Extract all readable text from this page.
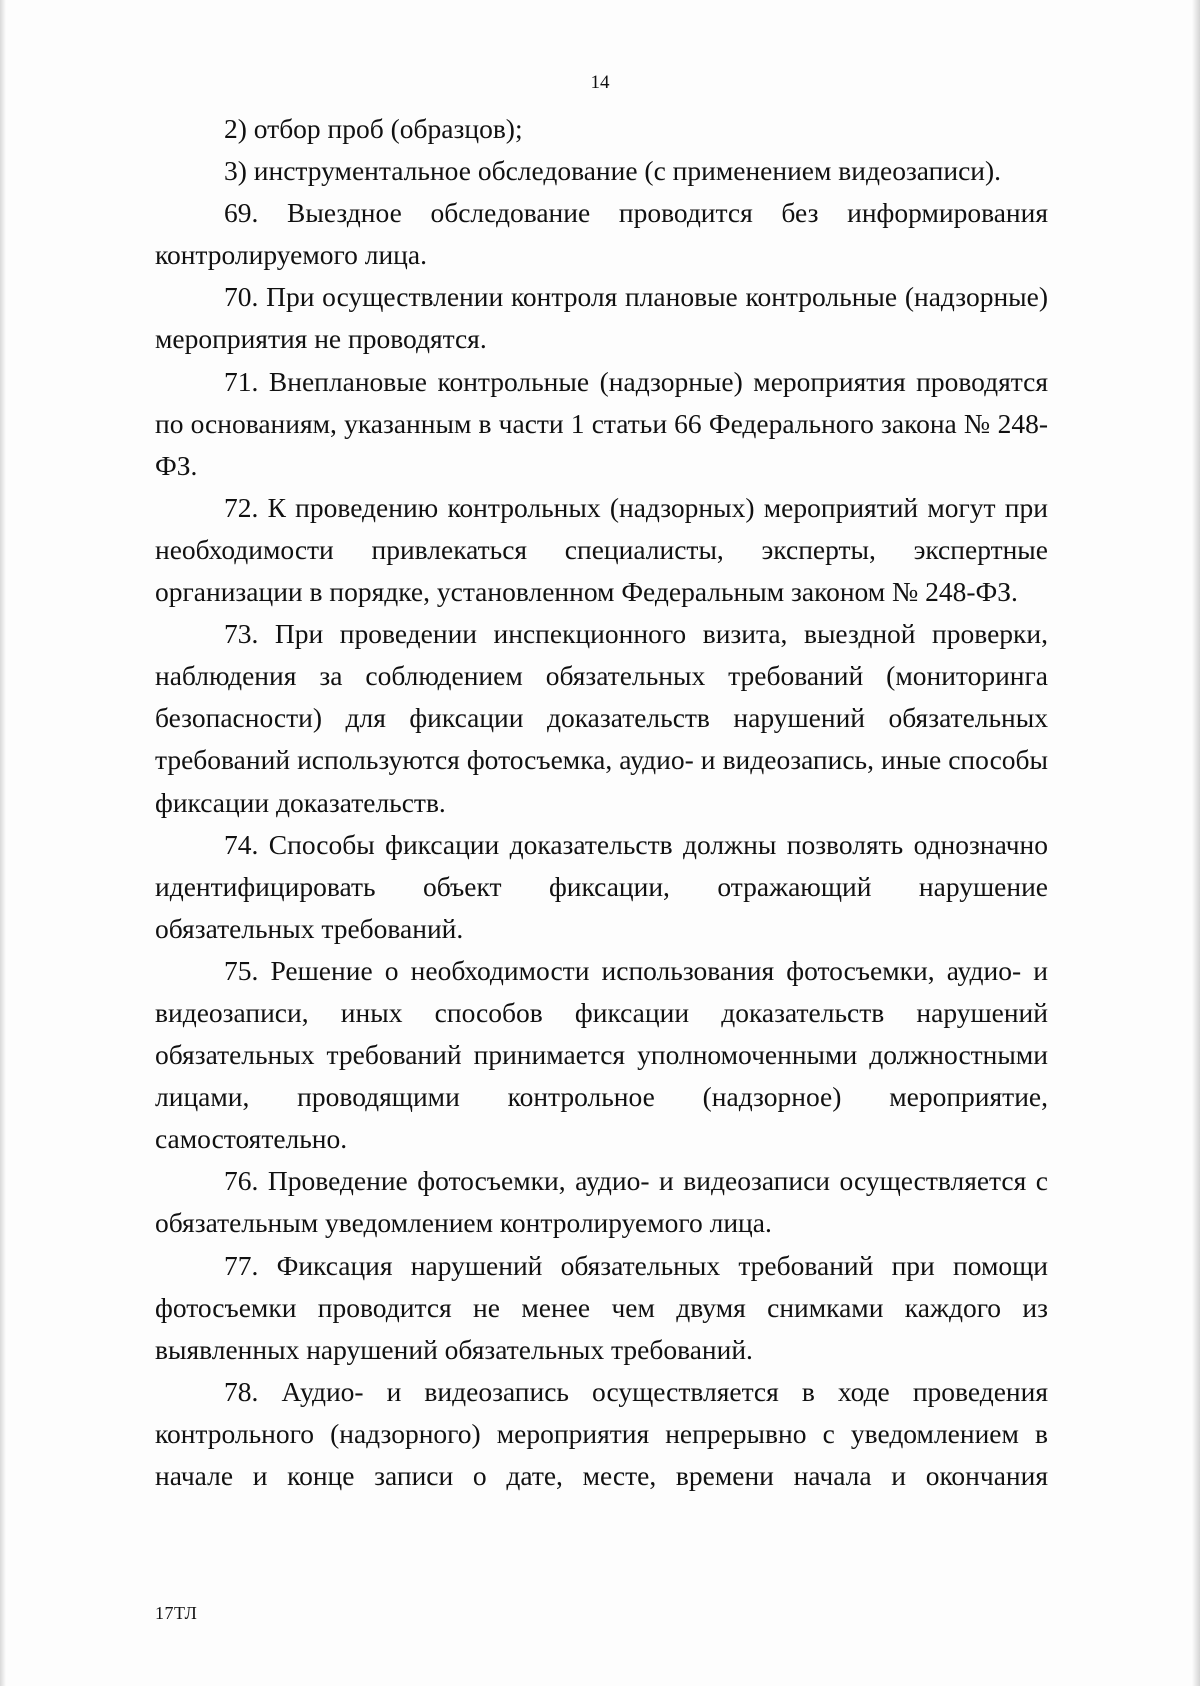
14

2) отбор проб (образцов);

3) инструментальное обследование (с применением видеозаписи).

69. Выездное обследование проводится без информирования контролируемого лица.

70. При осуществлении контроля плановые контрольные (надзорные) мероприятия не проводятся.

71. Внеплановые контрольные (надзорные) мероприятия проводятся по основаниям, указанным в части 1 статьи 66 Федерального закона № 248-ФЗ.

72. К проведению контрольных (надзорных) мероприятий могут при необходимости привлекаться специалисты, эксперты, экспертные организации в порядке, установленном Федеральным законом № 248-ФЗ.

73. При проведении инспекционного визита, выездной проверки, наблюдения за соблюдением обязательных требований (мониторинга безопасности) для фиксации доказательств нарушений обязательных требований используются фотосъемка, аудио- и видеозапись, иные способы фиксации доказательств.

74. Способы фиксации доказательств должны позволять однозначно идентифицировать объект фиксации, отражающий нарушение обязательных требований.

75. Решение о необходимости использования фотосъемки, аудио- и видеозаписи, иных способов фиксации доказательств нарушений обязательных требований принимается уполномоченными должностными лицами, проводящими контрольное (надзорное) мероприятие, самостоятельно.

76. Проведение фотосъемки, аудио- и видеозаписи осуществляется с обязательным уведомлением контролируемого лица.

77. Фиксация нарушений обязательных требований при помощи фотосъемки проводится не менее чем двумя снимками каждого из выявленных нарушений обязательных требований.

78. Аудио- и видеозапись осуществляется в ходе проведения контрольного (надзорного) мероприятия непрерывно с уведомлением в начале и конце записи о дате, месте, времени начала и окончания

17ТЛ
